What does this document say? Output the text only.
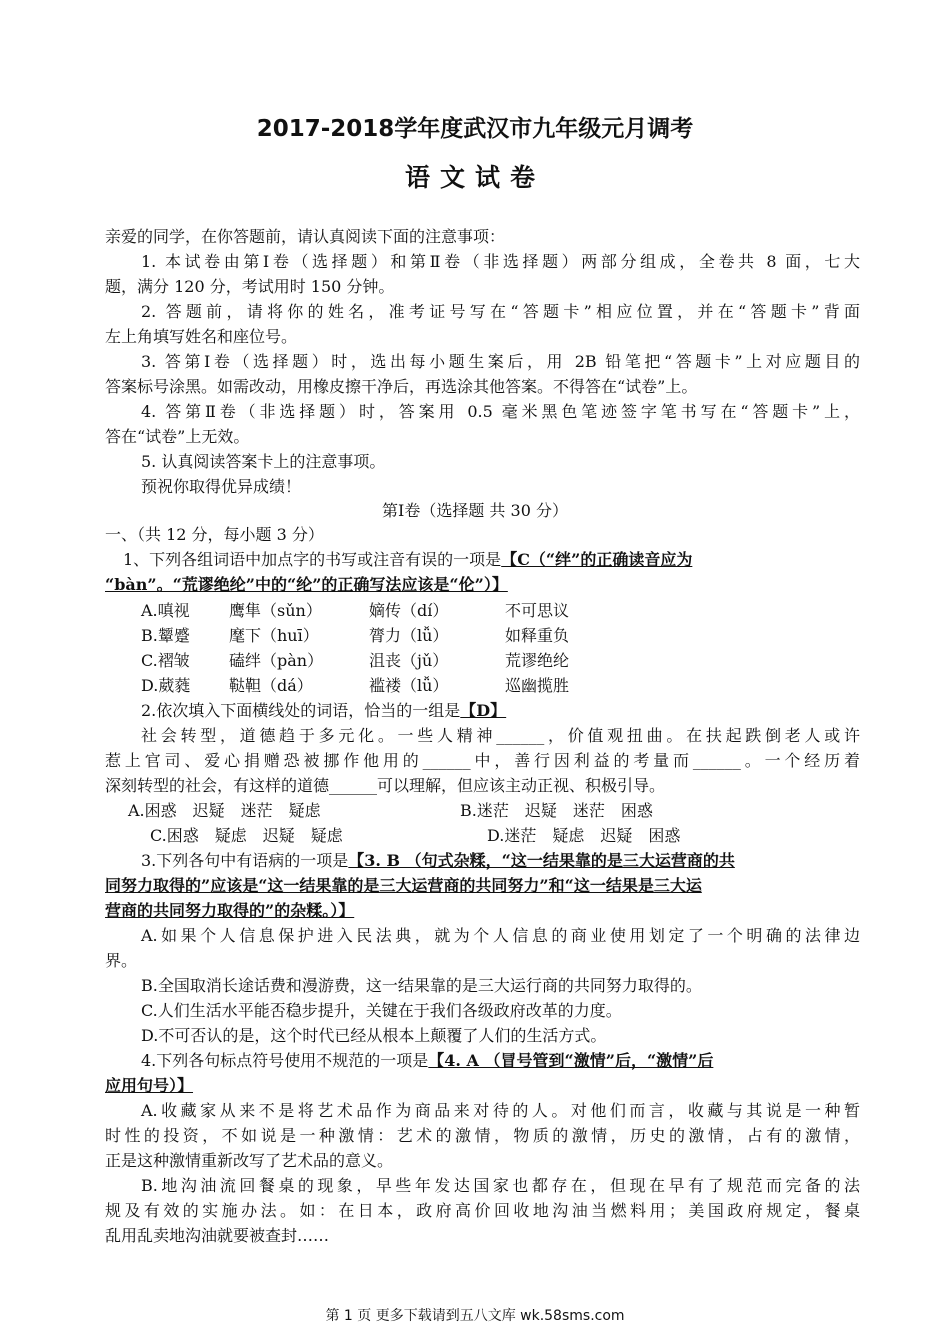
2017-2018学年度武汉市九年级元月调考
语文试卷
亲爱的同学，在你答题前，请认真阅读下面的注意事项：
1. 本试卷由第Ⅰ卷（选择题）和第Ⅱ卷（非选择题）两部分组成，全卷共 8 面，七大
题，满分 120 分，考试用时 150 分钟。
2. 答题前，请将你的姓名，准考证号写在“答题卡”相应位置，并在“答题卡”背面
左上角填写姓名和座位号。
3. 答第Ⅰ卷（选择题）时，选出每小题生案后，用 2B 铅笔把“答题卡”上对应题目的
答案标号涂黑。如需改动，用橡皮擦干净后，再选涂其他答案。不得答在“试卷”上。
4. 答第Ⅱ卷（非选择题）时，答案用 0.5 毫米黑色笔迹签字笔书写在“答题卡”上，
答在“试卷”上无效。
5. 认真阅读答案卡上的注意事项。
预祝你取得优异成绩！
第Ⅰ卷（选择题 共 30 分）
一、（共 12 分，每小题 3 分）
1、下列各组词语中加点字的书写或注音有误的一项是【C（“绊”的正确读音应为
“bàn”。“荒谬绝纶”中的“纶”的正确写法应该是“伦”）】
A.嗔视 鹰隼（sǔn）	嫡传（dí）	不可思议
B.颦蹙 麾下（huī）	膂力（lǚ）	如释重负
C.褶皱 磕绊（pàn）	沮丧（jǔ）	荒谬绝纶
D.葳蕤 鞑靼（dá）	褴褛（lǚ）	巡幽揽胜
2.依次填入下面横线处的词语，恰当的一组是【D】
社会转型，道德趋于多元化。一些人精神______，价值观扭曲。在扶起跌倒老人或许
惹上官司、爱心捐赠恐被挪作他用的______中，善行因利益的考量而______。一个经历着
深刻转型的社会，有这样的道德______可以理解，但应该主动正视、积极引导。
A.困惑　迟疑　迷茫　疑虑	B.迷茫　迟疑　迷茫　困惑
C.困惑　疑虑　迟疑　疑虑	D.迷茫　疑虑　迟疑　困惑
3.下列各句中有语病的一项是【3. B （句式杂糅，“这一结果靠的是三大运营商的共
同努力取得的”应该是“这一结果靠的是三大运营商的共同努力”和“这一结果是三大运
营商的共同努力取得的”的杂糅。）】
A.如果个人信息保护进入民法典，就为个人信息的商业使用划定了一个明确的法律边
界。
B.全国取消长途话费和漫游费，这一结果靠的是三大运行商的共同努力取得的。
C.人们生活水平能否稳步提升，关键在于我们各级政府改革的力度。
D.不可否认的是，这个时代已经从根本上颠覆了人们的生活方式。
4.下列各句标点符号使用不规范的一项是【4. A （冒号管到“激情”后，“激情”后
应用句号）】
A.收藏家从来不是将艺术品作为商品来对待的人。对他们而言，收藏与其说是一种暂
时性的投资，不如说是一种激情：艺术的激情，物质的激情，历史的激情，占有的激情，
正是这种激情重新改写了艺术品的意义。
B.地沟油流回餐桌的现象，早些年发达国家也都存在，但现在早有了规范而完备的法
规及有效的实施办法。如：在日本，政府高价回收地沟油当燃料用；美国政府规定，餐桌
乱用乱卖地沟油就要被查封……
第 1 页 更多下载请到五八文库 wk.58sms.com
